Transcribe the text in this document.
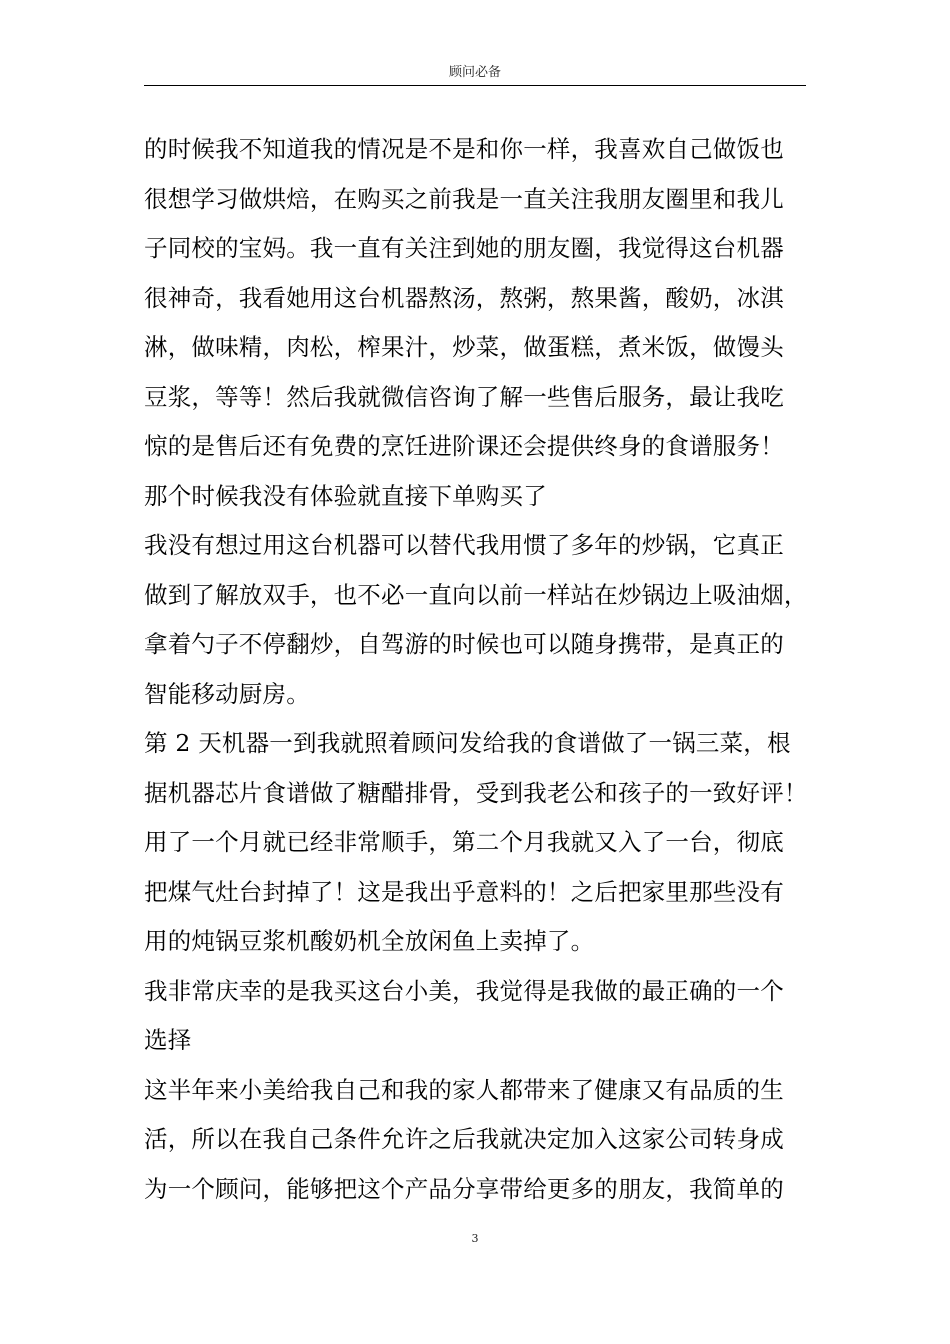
顾问必备
的时候我不知道我的情况是不是和你一样，我喜欢自己做饭也
很想学习做烘焙，在购买之前我是一直关注我朋友圈里和我儿
子同校的宝妈。我一直有关注到她的朋友圈，我觉得这台机器
很神奇，我看她用这台机器熬汤，熬粥，熬果酱，酸奶，冰淇
淋，做味精，肉松，榨果汁，炒菜，做蛋糕，煮米饭，做馒头
豆浆，等等！然后我就微信咨询了解一些售后服务，最让我吃
惊的是售后还有免费的烹饪进阶课还会提供终身的食谱服务！
那个时候我没有体验就直接下单购买了
我没有想过用这台机器可以替代我用惯了多年的炒锅，它真正
做到了解放双手，也不必一直向以前一样站在炒锅边上吸油烟，
拿着勺子不停翻炒，自驾游的时候也可以随身携带，是真正的
智能移动厨房。
第 2 天机器一到我就照着顾问发给我的食谱做了一锅三菜，根
据机器芯片食谱做了糖醋排骨，受到我老公和孩子的一致好评！
用了一个月就已经非常顺手，第二个月我就又入了一台，彻底
把煤气灶台封掉了！这是我出乎意料的！之后把家里那些没有
用的炖锅豆浆机酸奶机全放闲鱼上卖掉了。
我非常庆幸的是我买这台小美，我觉得是我做的最正确的一个
选择
这半年来小美给我自己和我的家人都带来了健康又有品质的生
活，所以在我自己条件允许之后我就决定加入这家公司转身成
为一个顾问，能够把这个产品分享带给更多的朋友，我简单的
3
